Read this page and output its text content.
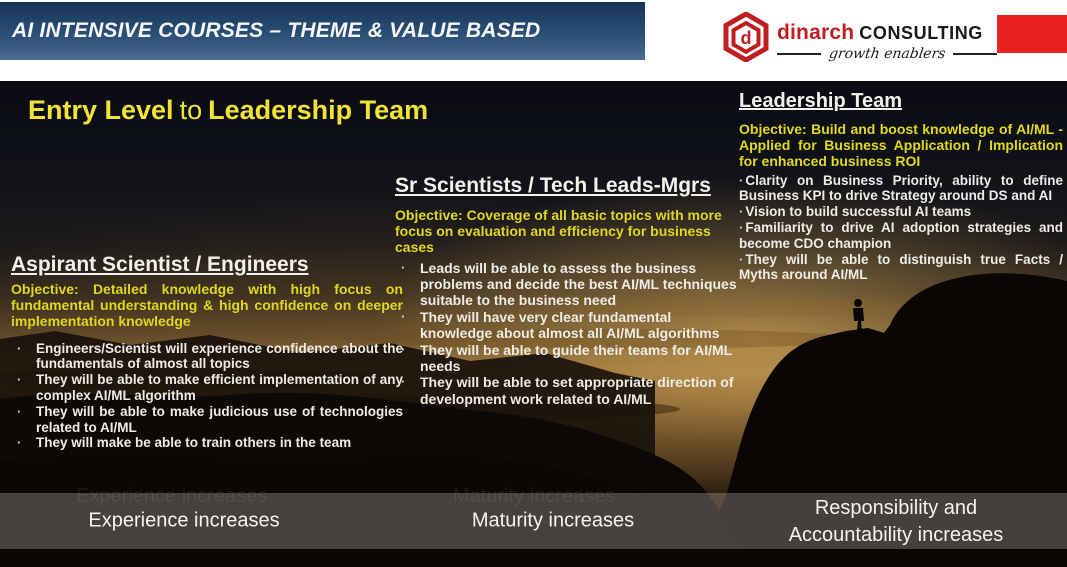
AI INTENSIVE COURSES – THEME & VALUE BASED	d dinarch CONSULTING
growth enablers
Entry Level to Leadership Team
Aspirant Scientist / Engineers

Objective: Detailed knowledge with high focus on fundamental understanding & high confidence on deeper implementation knowledge

· Engineers/Scientist will experience confidence about the fundamentals of almost all topics
· They will be able to make efficient implementation of any complex AI/ML algorithm
· They will be able to make judicious use of technologies related to AI/ML
· They will make be able to train others in the team
Sr Scientists / Tech Leads-Mgrs

Objective: Coverage of all basic topics with more focus on evaluation and efficiency for business cases

· Leads will be able to assess the business problems and decide the best AI/ML techniques suitable to the business need
· They will have very clear fundamental knowledge about almost all AI/ML algorithms
· They will be able to guide their teams for AI/ML needs
· They will be able to set appropriate direction of development work related to AI/ML
Leadership Team

Objective: Build and boost knowledge of AI/ML - Applied for Business Application / Implication for enhanced business ROI

· Clarity on Business Priority, ability to define Business KPI to drive Strategy around DS and AI
· Vision to build successful AI teams
· Familiarity to drive AI adoption strategies and become CDO champion
· They will be able to distinguish true Facts / Myths around AI/ML
Experience increases	Maturity increases
Experience increases	Maturity increases
Responsibility and Accountability increases
